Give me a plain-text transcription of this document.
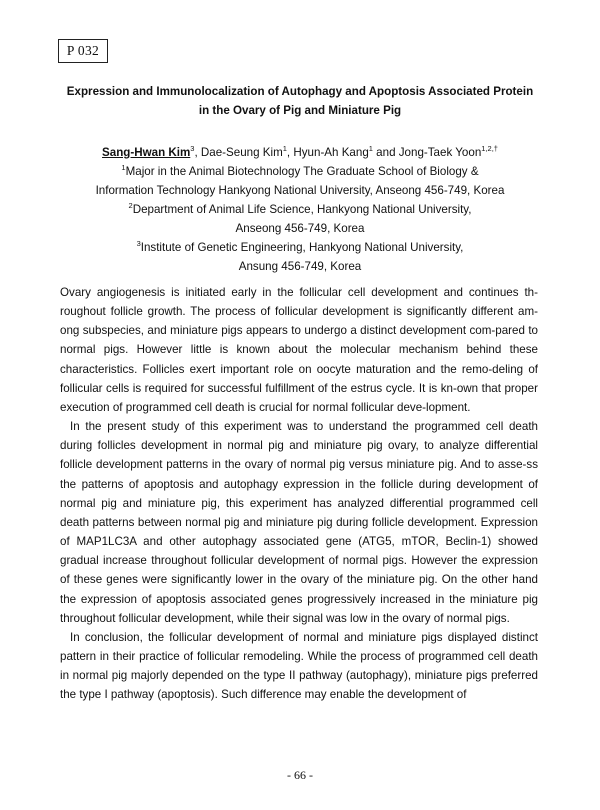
P 032
Expression and Immunolocalization of Autophagy and Apoptosis Associated Protein
in the Ovary of Pig and Miniature Pig
Sang-Hwan Kim$^3$, Dae-Seung Kim$^1$, Hyun-Ah Kang$^1$ and Jong-Taek Yoon$^{1,2,\dagger}$
$^1$Major in the Animal Biotechnology The Graduate School of Biology &
Information Technology Hankyong National University, Anseong 456-749, Korea
$^2$Department of Animal Life Science, Hankyong National University,
Anseong 456-749, Korea
$^3$Institute of Genetic Engineering, Hankyong National University,
Ansung 456-749, Korea

Ovary angiogenesis is initiated early in the follicular cell development and continues th-roughout follicle growth. The process of follicular development is significantly different am-ong subspecies, and miniature pigs appears to undergo a distinct development com-pared to normal pigs. However little is known about the molecular mechanism behind these characteristics. Follicles exert important role on oocyte maturation and the remo-deling of follicular cells is required for successful fulfillment of the estrus cycle. It is kn-own that proper execution of programmed cell death is crucial for normal follicular deve-lopment.

In the present study of this experiment was to understand the programmed cell death during follicles development in normal pig and miniature pig ovary, to analyze differential follicle development patterns in the ovary of normal pig versus miniature pig. And to asse-ss the patterns of apoptosis and autophagy expression in the follicle during development of normal pig and miniature pig, this experiment has analyzed differential programmed cell death patterns between normal pig and miniature pig during follicle development. Expression of MAP1LC3A and other autophagy associated gene (ATG5, mTOR, Beclin-1) showed gradual increase throughout follicular development of normal pigs. However the expression of these genes were significantly lower in the ovary of the miniature pig. On the other hand the expression of apoptosis associated genes progressively increased in the miniature pig throughout follicular development, while their signal was low in the ovary of normal pigs.

In conclusion, the follicular development of normal and miniature pigs displayed distinct pattern in their practice of follicular remodeling. While the process of programmed cell death in normal pig majorly depended on the type II pathway (autophagy), miniature pigs preferred the type I pathway (apoptosis). Such difference may enable the development of

- 66 -
